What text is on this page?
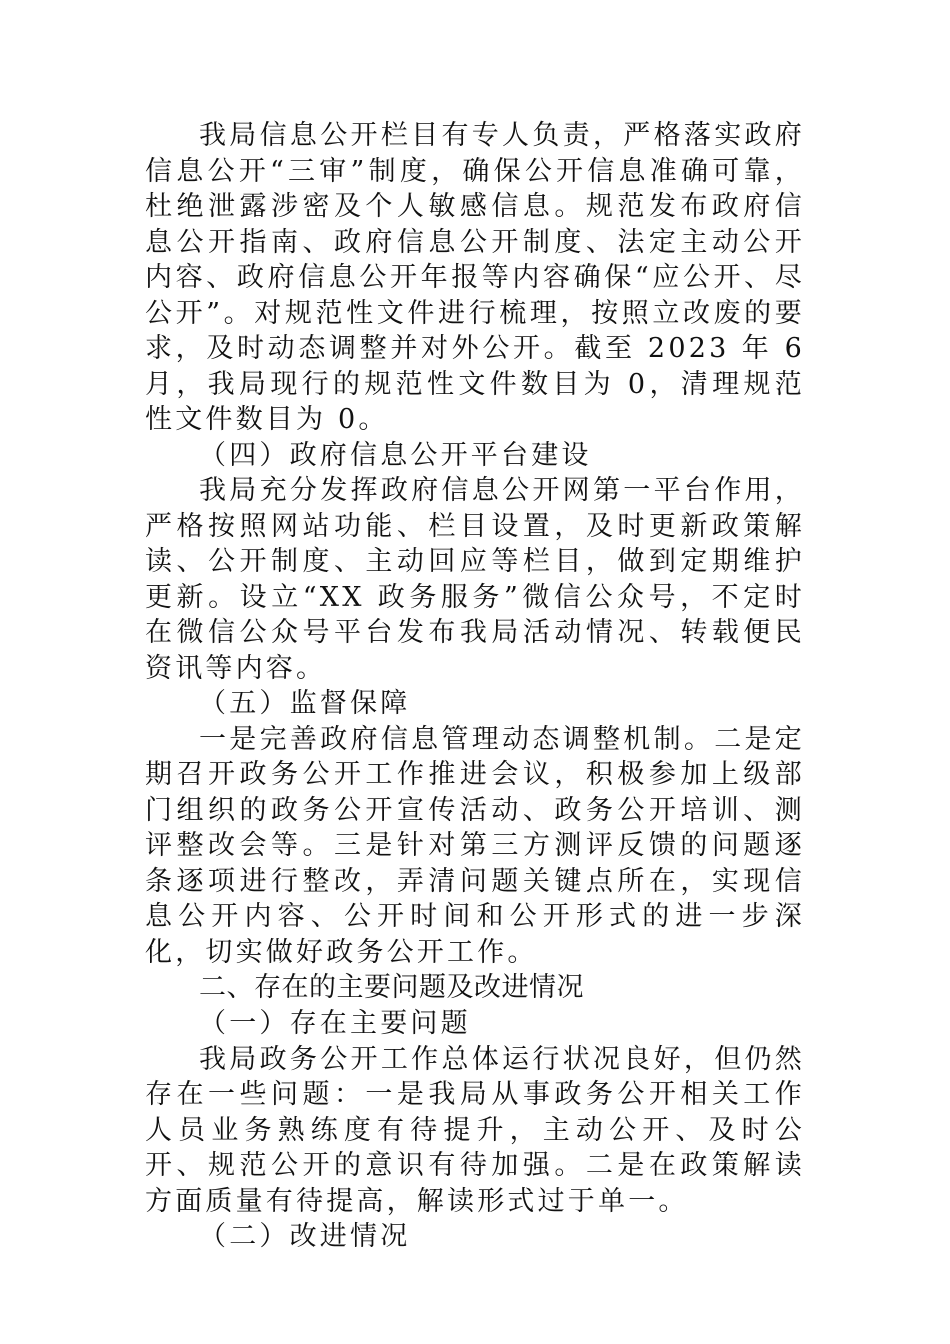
我局信息公开栏目有专人负责，严格落实政府信息公开“三审”制度，确保公开信息准确可靠，杜绝泄露涉密及个人敏感信息。规范发布政府信息公开指南、政府信息公开制度、法定主动公开内容、政府信息公开年报等内容确保“应公开、尽公开”。对规范性文件进行梳理，按照立改废的要求，及时动态调整并对外公开。截至 2023 年 6 月，我局现行的规范性文件数目为 0，清理规范性文件数目为 0。

（四）政府信息公开平台建设

我局充分发挥政府信息公开网第一平台作用，严格按照网站功能、栏目设置，及时更新政策解读、公开制度、主动回应等栏目，做到定期维护更新。设立“XX 政务服务”微信公众号，不定时在微信公众号平台发布我局活动情况、转载便民资讯等内容。

（五）监督保障

一是完善政府信息管理动态调整机制。二是定期召开政务公开工作推进会议，积极参加上级部门组织的政务公开宣传活动、政务公开培训、测评整改会等。三是针对第三方测评反馈的问题逐条逐项进行整改，弄清问题关键点所在，实现信息公开内容、公开时间和公开形式的进一步深化，切实做好政务公开工作。

二、存在的主要问题及改进情况

（一）存在主要问题

我局政务公开工作总体运行状况良好，但仍然存在一些问题：一是我局从事政务公开相关工作人员业务熟练度有待提升，主动公开、及时公开、规范公开的意识有待加强。二是在政策解读方面质量有待提高，解读形式过于单一。

（二）改进情况
